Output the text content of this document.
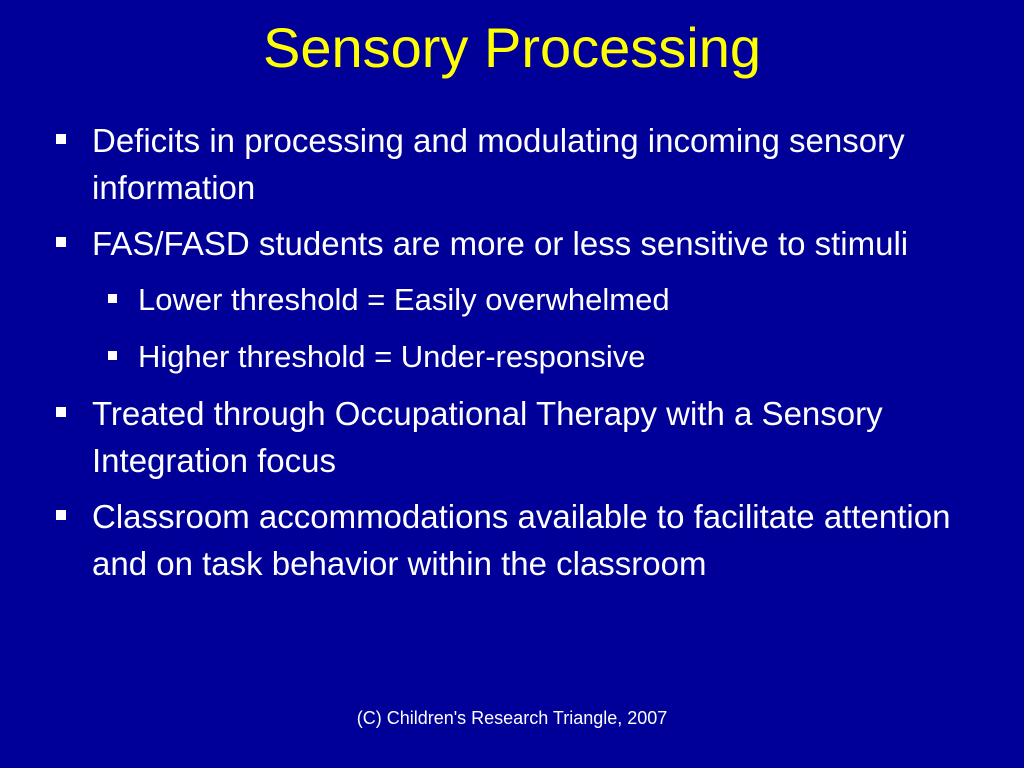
Sensory Processing
Deficits in processing and modulating incoming sensory information
FAS/FASD students are more or less sensitive to stimuli
Lower threshold = Easily overwhelmed
Higher threshold = Under-responsive
Treated through Occupational Therapy with a Sensory Integration focus
Classroom accommodations available to facilitate attention and on task behavior within the classroom
(C) Children's Research Triangle, 2007
